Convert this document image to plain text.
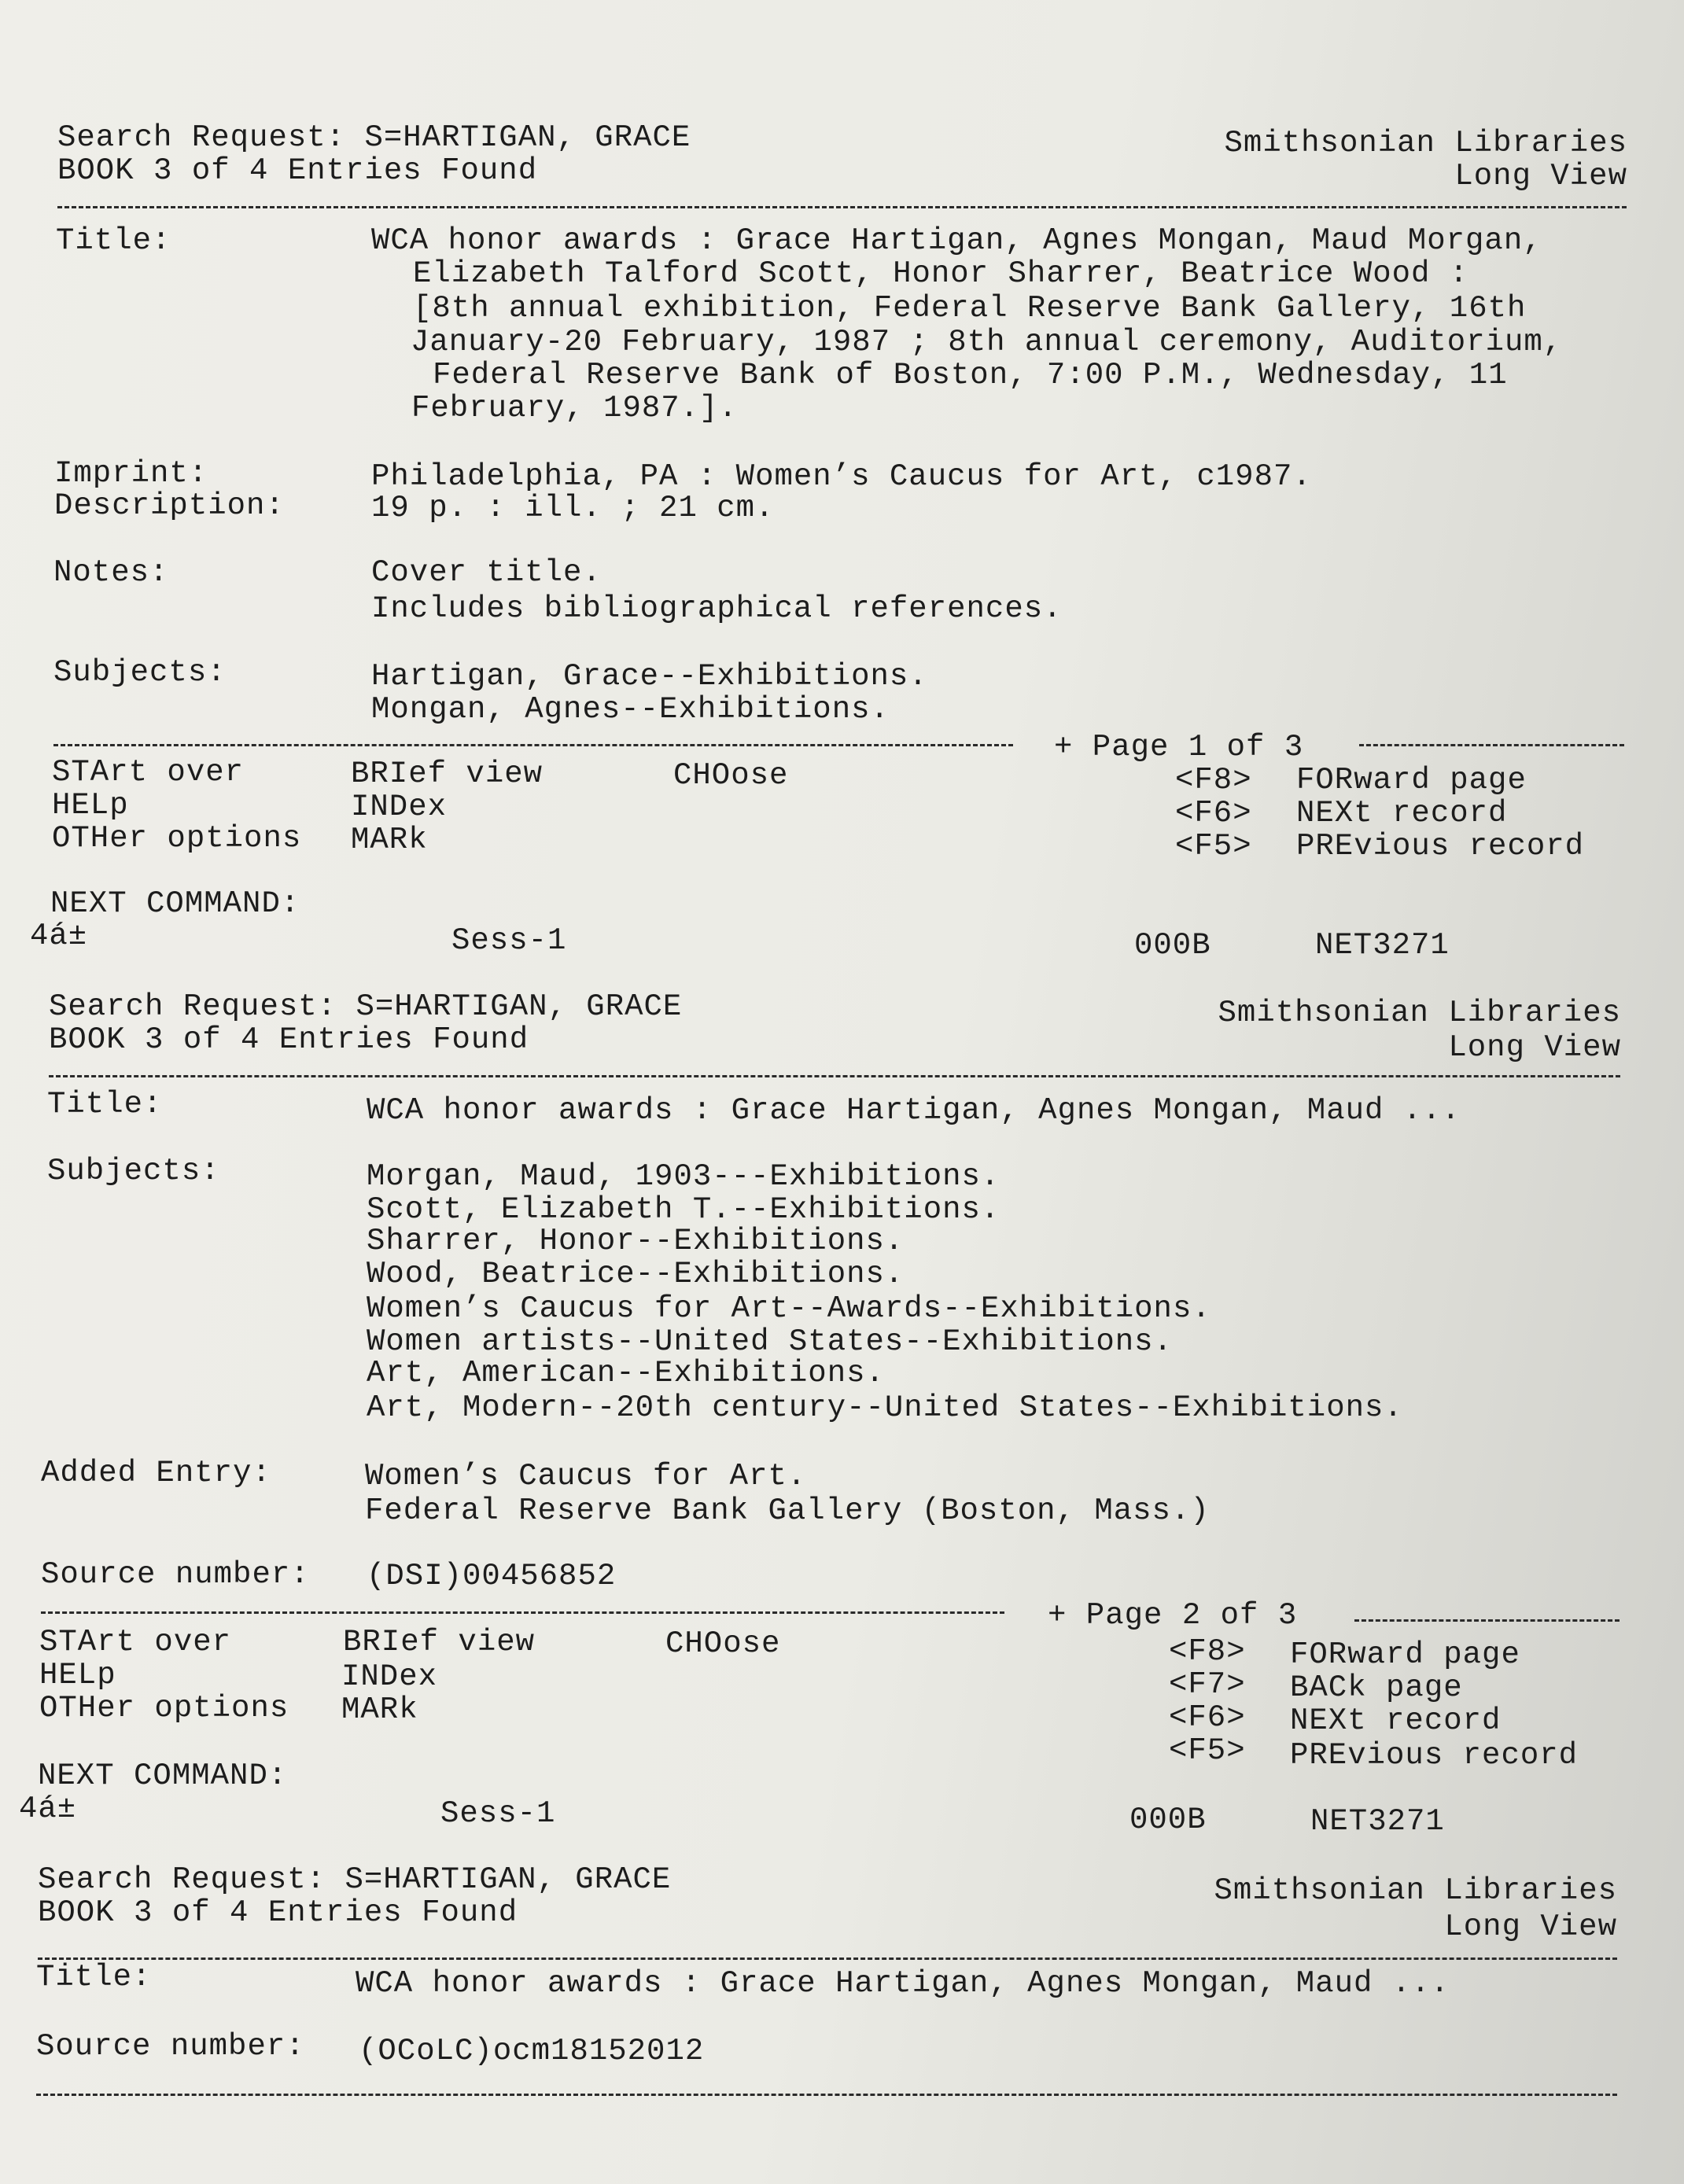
Search Request: S=HARTIGAN, GRACE
BOOK 3 of 4 Entries Found
Smithsonian Libraries
Long View
Title:	WCA honor awards : Grace Hartigan, Agnes Mongan, Maud Morgan,
Elizabeth Talford Scott, Honor Sharrer, Beatrice Wood :
[8th annual exhibition, Federal Reserve Bank Gallery, 16th
January-20 February, 1987 ; 8th annual ceremony, Auditorium,
Federal Reserve Bank of Boston, 7:00 P.M., Wednesday, 11
February, 1987.].
Imprint:	Philadelphia, PA : Women’s Caucus for Art, c1987.
Description:	19 p. : ill. ; 21 cm.
Notes:	Cover title.
Includes bibliographical references.
Subjects:	Hartigan, Grace--Exhibitions.
Mongan, Agnes--Exhibitions.
+ Page 1 of 3
STArt over	BRIef view	CHOose
HELp	INDex
OTHer options MARk
<F8> FORward page
<F6> NEXt record
<F5> PREvious record
NEXT COMMAND:
4á±	Sess-1	000B	NET3271
Search Request: S=HARTIGAN, GRACE
BOOK 3 of 4 Entries Found
Smithsonian Libraries
Long View
Title:	WCA honor awards : Grace Hartigan, Agnes Mongan, Maud ...
Subjects:	Morgan, Maud, 1903---Exhibitions.
Scott, Elizabeth T.--Exhibitions.
Sharrer, Honor--Exhibitions.
Wood, Beatrice--Exhibitions.
Women’s Caucus for Art--Awards--Exhibitions.
Women artists--United States--Exhibitions.
Art, American--Exhibitions.
Art, Modern--20th century--United States--Exhibitions.
Added Entry:	Women’s Caucus for Art.
Federal Reserve Bank Gallery (Boston, Mass.)
Source number: (DSI)00456852
+ Page 2 of 3
STArt over	BRIef view	CHOose
HELp	INDex
OTHer options MARk
<F8> FORward page
<F7> BACk page
<F6> NEXt record
<F5> PREvious record
NEXT COMMAND:
4á±	Sess-1	000B	NET3271
Search Request: S=HARTIGAN, GRACE
BOOK 3 of 4 Entries Found
Smithsonian Libraries
Long View
Title:	WCA honor awards : Grace Hartigan, Agnes Mongan, Maud ...
Source number: (OCoLC)ocm18152012
